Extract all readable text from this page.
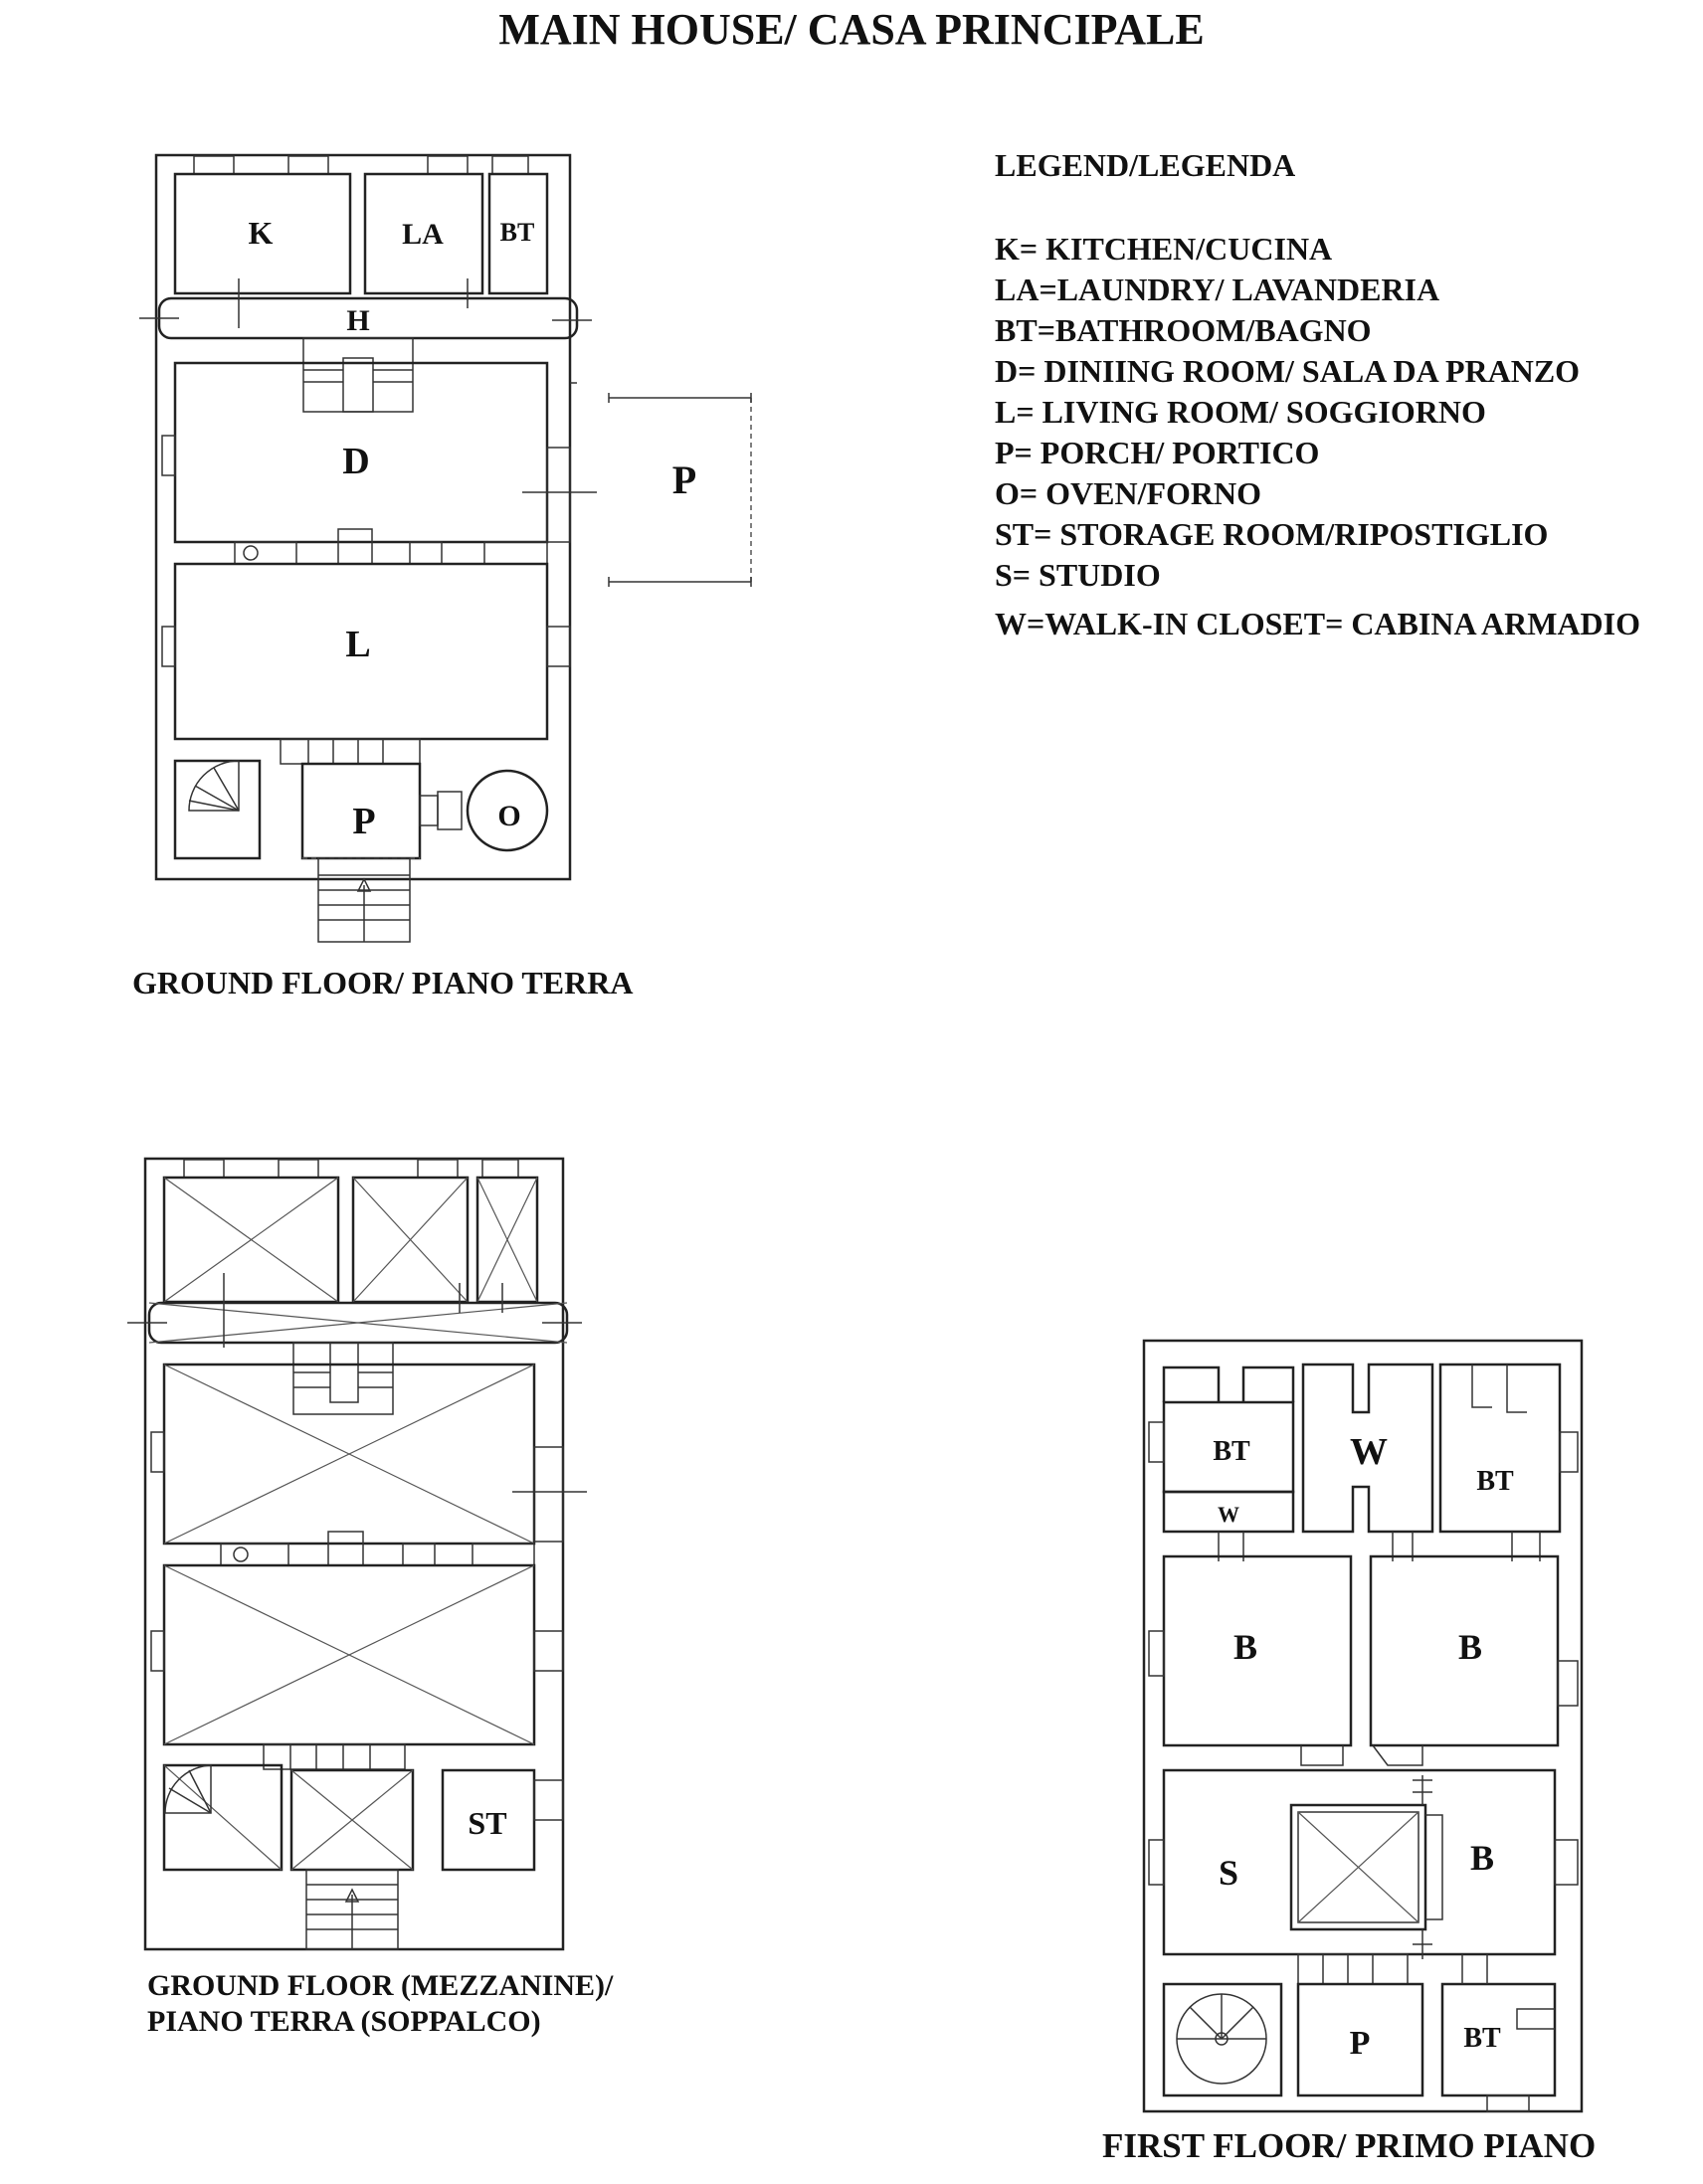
MAIN HOUSE/ CASA PRINCIPALE
LEGEND/LEGENDA
K= KITCHEN/CUCINA
LA=LAUNDRY/ LAVANDERIA
BT=BATHROOM/BAGNO
D= DINIING ROOM/ SALA DA PRANZO
L= LIVING ROOM/ SOGGIORNO
P= PORCH/ PORTICO
O= OVEN/FORNO
ST= STORAGE ROOM/RIPOSTIGLIO
S= STUDIO
W=WALK-IN CLOSET= CABINA ARMADIO
K	LA BT
H
D	P
L
P	O
ST
BT
W
W
BT
B	B
S	B
P	BT
GROUND FLOOR/ PIANO TERRA
GROUND FLOOR (MEZZANINE)/
PIANO TERRA (SOPPALCO)
FIRST FLOOR/ PRIMO PIANO
